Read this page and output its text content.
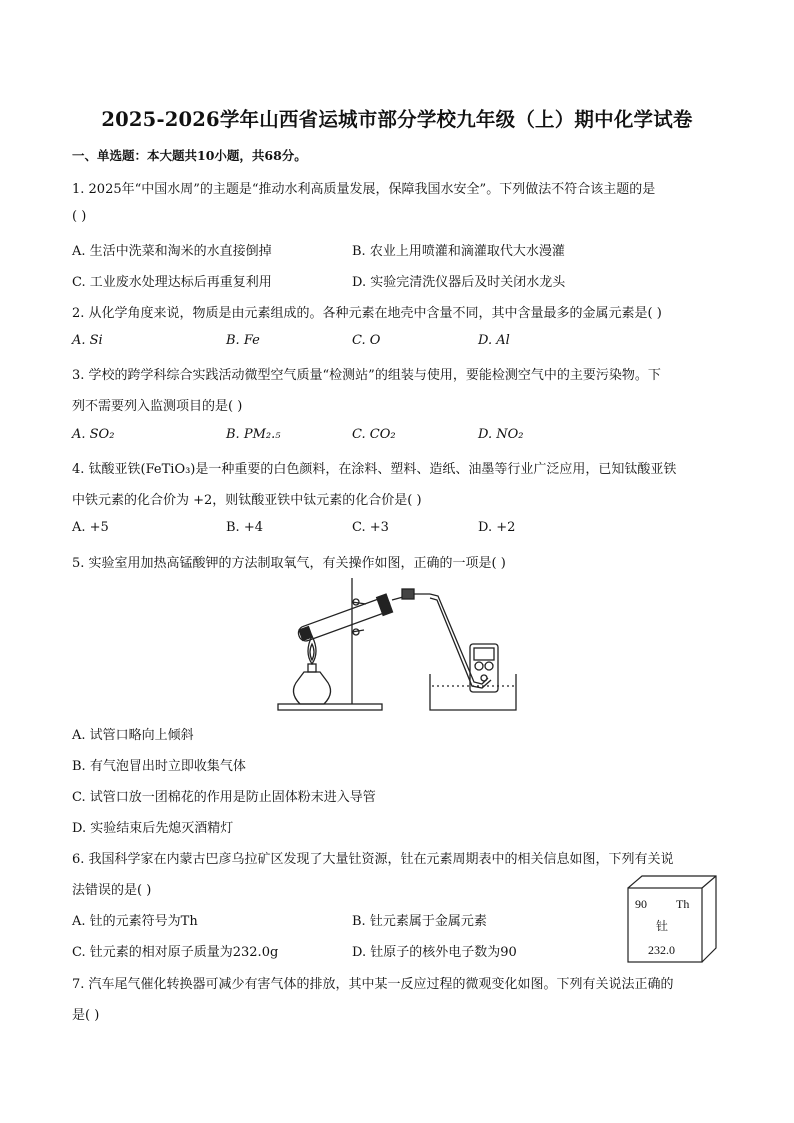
2025-2026学年山西省运城市部分学校九年级（上）期中化学试卷
一、单选题：本大题共10小题，共68分。
1. 2025年“中国水周”的主题是“推动水利高质量发展，保障我国水安全”。下列做法不符合该主题的是
( )
A. 生活中洗菜和淘米的水直接倒掉	B. 农业上用喷灌和滴灌取代大水漫灌
C. 工业废水处理达标后再重复利用	D. 实验完清洗仪器后及时关闭水龙头
2. 从化学角度来说，物质是由元素组成的。各种元素在地壳中含量不同，其中含量最多的金属元素是( )
A. Si	B. Fe	C. O	D. Al
3. 学校的跨学科综合实践活动微型空气质量“检测站”的组装与使用，要能检测空气中的主要污染物。下
列不需要列入监测项目的是( )
A. SO₂	B. PM₂.₅	C. CO₂	D. NO₂
4. 钛酸亚铁(FeTiO₃)是一种重要的白色颜料，在涂料、塑料、造纸、油墨等行业广泛应用，已知钛酸亚铁
中铁元素的化合价为 +2，则钛酸亚铁中钛元素的化合价是( )
A. +5	B. +4	C. +3	D. +2
5. 实验室用加热高锰酸钾的方法制取氧气，有关操作如图，正确的一项是( )
A. 试管口略向上倾斜
B. 有气泡冒出时立即收集气体
C. 试管口放一团棉花的作用是防止固体粉末进入导管
D. 实验结束后先熄灭酒精灯
6. 我国科学家在内蒙古巴彦乌拉矿区发现了大量钍资源，钍在元素周期表中的相关信息如图，下列有关说
法错误的是( )
A. 钍的元素符号为Th	B. 钍元素属于金属元素
C. 钍元素的相对原子质量为232.0g	D. 钍原子的核外电子数为90
90 Th
钍
232.0
7. 汽车尾气催化转换器可减少有害气体的排放，其中某一反应过程的微观变化如图。下列有关说法正确的
是( )
